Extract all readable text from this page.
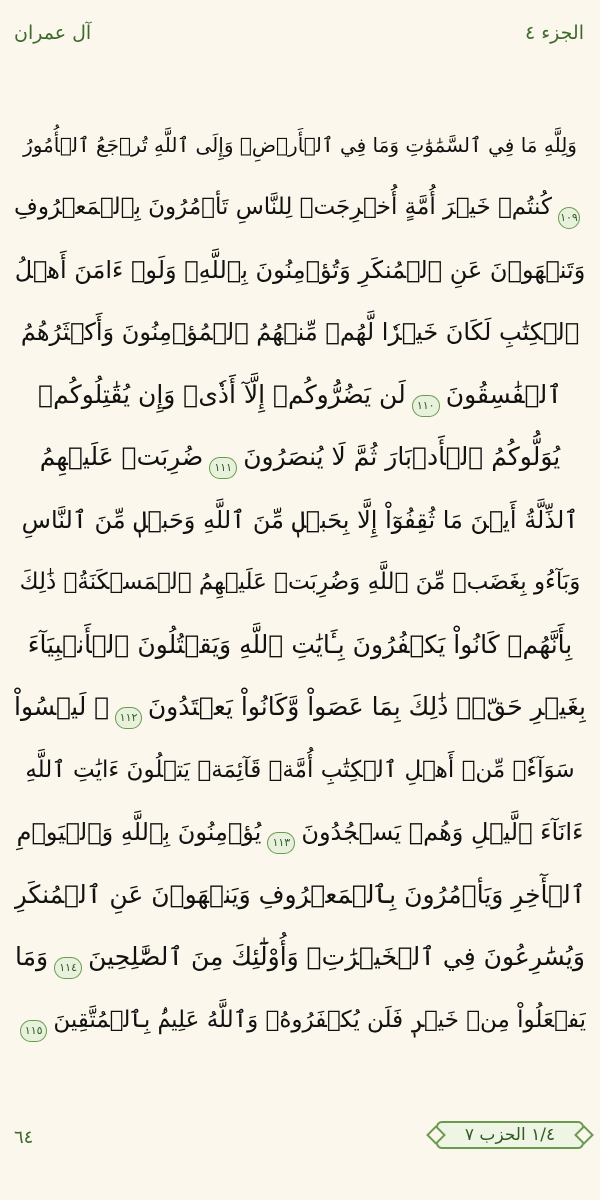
آل عمران	الجزء ٤
وَلِلَّهِ مَا فِي ٱلسَّمَٰوَٰتِ وَمَا فِي ٱلۡأَرۡضِۚ وَإِلَى ٱللَّهِ تُرۡجَعُ ٱلۡأُمُورُ
١٠٩
كُنتُمۡ خَيۡرَ أُمَّةٍ أُخۡرِجَتۡ لِلنَّاسِ تَأۡمُرُونَ بِٱلۡمَعۡرُوفِ
وَتَنۡهَوۡنَ عَنِ ٱلۡمُنكَرِ وَتُؤۡمِنُونَ بِٱللَّهِۗ وَلَوۡ ءَامَنَ أَهۡلُ
ٱلۡكِتَٰبِ لَكَانَ خَيۡرٗا لَّهُمۚ مِّنۡهُمُ ٱلۡمُؤۡمِنُونَ وَأَكۡثَرُهُمُ
ٱلۡفَٰسِقُونَ
١١٠
لَن يَضُرُّوكُمۡ إِلَّآ أَذٗىۖ وَإِن يُقَٰتِلُوكُمۡ
يُوَلُّوكُمُ ٱلۡأَدۡبَارَ ثُمَّ لَا يُنصَرُونَ
١١١
ضُرِبَتۡ عَلَيۡهِمُ
ٱلذِّلَّةُ أَيۡنَ مَا ثُقِفُوٓاْ إِلَّا بِحَبۡلٖ مِّنَ ٱللَّهِ وَحَبۡلٖ مِّنَ ٱلنَّاسِ
وَبَآءُو بِغَضَبٖ مِّنَ ٱللَّهِ وَضُرِبَتۡ عَلَيۡهِمُ ٱلۡمَسۡكَنَةُۚ ذَٰلِكَ
بِأَنَّهُمۡ كَانُواْ يَكۡفُرُونَ بِـَٔايَٰتِ ٱللَّهِ وَيَقۡتُلُونَ ٱلۡأَنۢبِيَآءَ
بِغَيۡرِ حَقّٖۚ ذَٰلِكَ بِمَا عَصَواْ وَّكَانُواْ يَعۡتَدُونَ
١١٢
۞ لَيۡسُواْ
سَوَآءٗۗ مِّنۡ أَهۡلِ ٱلۡكِتَٰبِ أُمَّةٞ قَآئِمَةٞ يَتۡلُونَ ءَايَٰتِ ٱللَّهِ
ءَانَآءَ ٱلَّيۡلِ وَهُمۡ يَسۡجُدُونَ
١١٣
يُؤۡمِنُونَ بِٱللَّهِ وَٱلۡيَوۡمِ
ٱلۡأٓخِرِ وَيَأۡمُرُونَ بِٱلۡمَعۡرُوفِ وَيَنۡهَوۡنَ عَنِ ٱلۡمُنكَرِ
وَيُسَٰرِعُونَ فِي ٱلۡخَيۡرَٰتِۖ وَأُوْلَٰٓئِكَ مِنَ ٱلصَّٰلِحِينَ
١١٤
وَمَا
يَفۡعَلُواْ مِنۡ خَيۡرٖ فَلَن يُكۡفَرُوهُۗ وَٱللَّهُ عَلِيمُۢ بِٱلۡمُتَّقِينَ
١١٥
٦٤	١/٤ الحزب ٧
